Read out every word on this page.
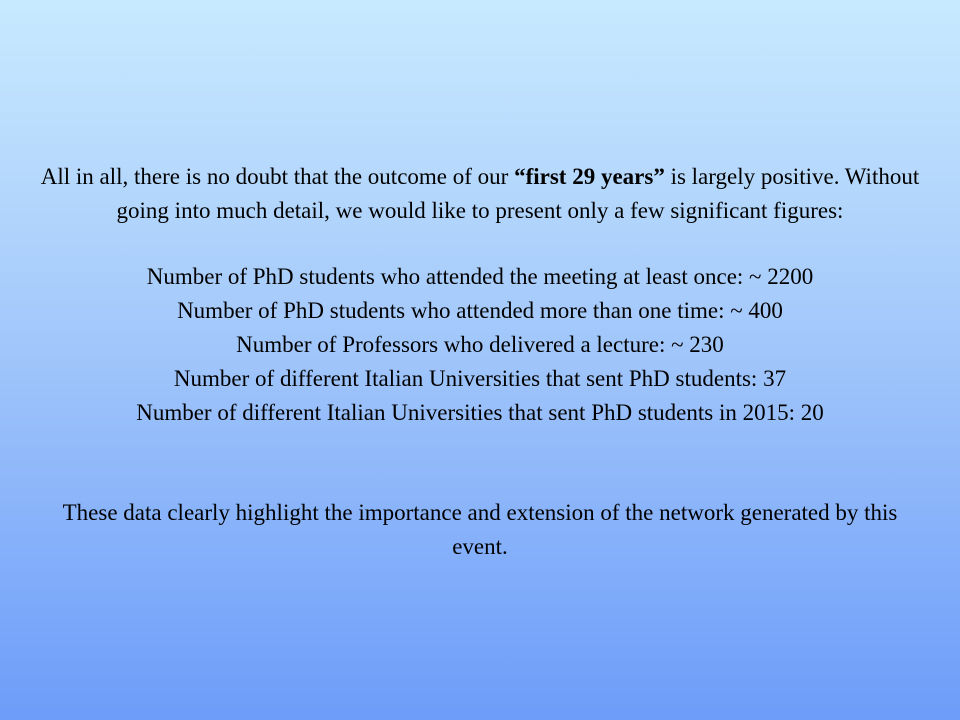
All in all, there is no doubt that the outcome of our “first 29 years” is largely positive. Without going into much detail, we would like to present only a few significant figures:

Number of PhD students who attended the meeting at least once: ~ 2200
Number of PhD students who attended more than one time: ~ 400
Number of Professors who delivered a lecture: ~ 230
Number of different Italian Universities that sent PhD students: 37
Number of different Italian Universities that sent PhD students in 2015: 20

These data clearly highlight the importance and extension of the network generated by this event.
